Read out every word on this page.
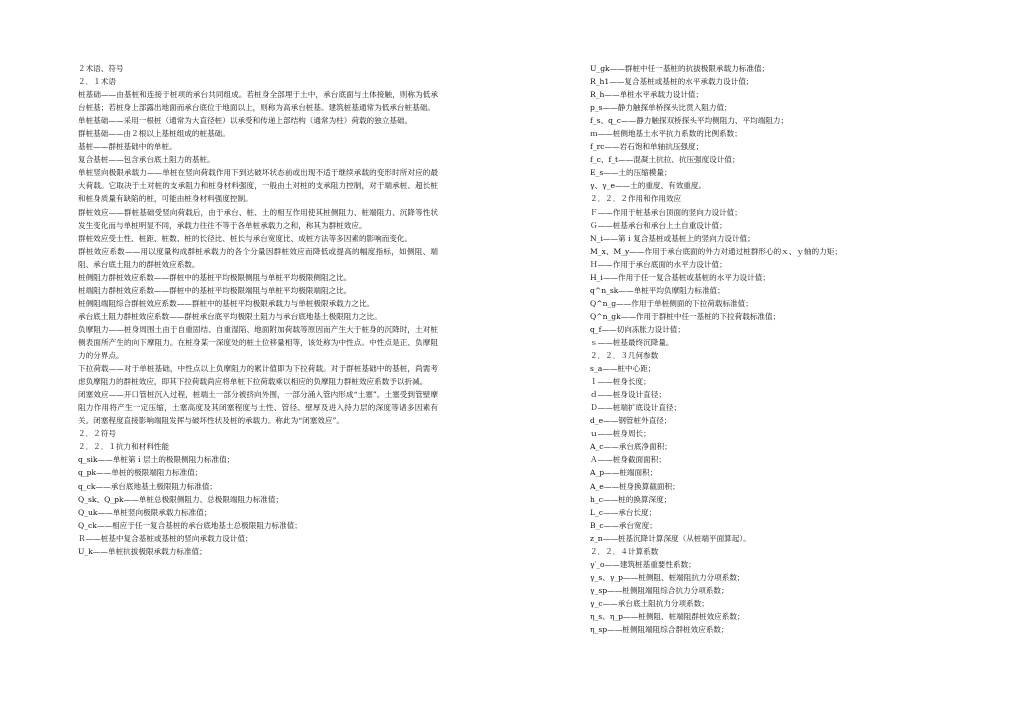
２术语、符号

２．１术语

桩基础——由基桩和连接于桩项的承台共同组成。若桩身全部埋于土中，承台底面与土体接触，则称为低承台桩基；若桩身上部露出地面而承台底位于地面以上，则称为高承台桩基。建筑桩基通常为低承台桩基础。

单桩基础——采用一根桩（通常为大直径桩）以承受和传递上部结构（通常为柱）荷载的独立基础。

群桩基础——由２根以上基桩组成的桩基础。

基桩——群桩基础中的单桩。

复合基桩——包含承台底土阻力的基桩。

单桩竖向极限承载力——单桩在竖向荷载作用下到达破坏状态前或出现不适于继续承载的变形时所对应的最大荷载。它取决于土对桩的支承阻力和桩身材料强度，一般由土对桩的支承阻力控制，对于端承桩、超长桩和桩身质量有缺陷的桩，可能由桩身材料强度控制。

群桩效应——群桩基础受竖向荷载后，由于承台、桩、土的相互作用使其桩侧阻力、桩端阻力、沉降等性状发生变化而与单桩明显不同，承载力往往不等于各单桩承载力之和，称其为群桩效应。

群桩效应受土性、桩距、桩数、桩的长径比、桩长与承台宽度比、成桩方法等多因素的影响而变化。

群桩效应系数——用以度量构成群桩承载力的各个分量因群桩效应而降低或提高的幅度指标，如侧阻、端阻、承台底土阻力的群桩效应系数。

桩侧阻力群桩效应系数——群桩中的基桩平均极限侧阻与单桩平均极限侧阻之比。

桩端阻力群桩效应系数——群桩中的基桩平均极限端阻与单桩平均极限端阻之比。

桩侧阻端阻综合群桩效应系数——群桩中的基桩平均极限承载力与单桩极限承载力之比。

承台底土阻力群桩效应系数——群桩承台底平均极限土阻力与承台底地基土极限阻力之比。

负摩阻力——桩身周围土由于自重固结、自重湿陷、地面附加荷载等原因而产生大于桩身的沉降时，土对桩侧表面所产生的向下摩阻力。在桩身某一深度处的桩土位移量相等，该处称为中性点。中性点是正、负摩阻力的分界点。

下拉荷载——对于单桩基础，中性点以上负摩阻力的累计值即为下拉荷载。对于群桩基础中的基桩，尚需考虑负摩阻力的群桩效应，即其下拉荷载尚应将单桩下拉荷载乘以相应的负摩阻力群桩效应系数予以折减。

闭塞效应——开口管桩沉入过程，桩端土一部分被挤向外围，一部分涌入管内形成“土塞”。土塞受到管壁摩阻力作用将产生一定压缩，土塞高度及其闭塞程度与土性、管径、壁厚及进入持力层的深度等诸多因素有关。闭塞程度直接影响端阻发挥与破坏性状及桩的承载力。称此为“闭塞效应”。

２．２符号

２．２．１抗力和材料性能

q_sik——单桩第ｉ层土的极限侧阻力标准值；

q_pk——单桩的极限端阻力标准值；

q_ck——承台底地基土极限阻力标准值；

Q_sk、Q_pk——单桩总极限侧阻力、总极限端阻力标准值；

Q_uk——单桩竖向极限承载力标准值；

Q_ck——相应于任一复合基桩的承台底地基土总极限阻力标准值；

Ｒ——桩基中复合基桩或基桩的竖向承载力设计值；

U_k——单桩抗拔极限承载力标准值；

U_gk——群桩中任一基桩的抗拔极限承载力标准值；

R_h1——复合基桩或基桩的水平承载力设计值；

R_h——单桩水平承载力设计值；

p_s——静力触探单桥探头比贯入阻力值；

f_s、q_c——静力触探双桥探头平均侧阻力、平均端阻力；

ｍ——桩侧地基土水平抗力系数的比例系数；

f_rc——岩石饱和单轴抗压强度；

f_c、f_t——混凝土抗拉、抗压强度设计值；

E_s——土的压缩模量；

γ、γ_e——土的重度、有效重度。

２．２．２作用和作用效应

Ｆ——作用于桩基承台顶面的竖向力设计值；

Ｇ——桩基承台和承台上土自重设计值；

N_i——第ｉ复合基桩或基桩上的竖向力设计值；

M_x、M_y——作用于承台底面的外力对通过桩群形心的ｘ、ｙ轴的力矩；

Ｈ——作用于承台底面的水平力设计值；

H_i——作用于任一复合基桩或基桩的水平力设计值；

q^n_sk——单桩平均负摩阻力标准值；

Q^n_g——作用于单桩侧面的下拉荷载标准值；

Q^n_gk——作用于群桩中任一基桩的下拉荷载标准值；

q_f——切向冻胀力设计值；

ｓ——桩基最终沉降量。

２．２．３几何参数

s_a——桩中心距；

ｌ——桩身长度；

ｄ——桩身设计直径；

Ｄ——桩端扩底设计直径；

d_e——钢管桩外直径；

ｕ——桩身周长；

A_c——承台底净面积；

Ａ——桩身截面面积；

A_p——桩端面积；

A_e——桩身换算截面积；

h_c——桩的换算深度；

L_c——承台长度；

B_c——承台宽度；

z_n——桩基沉降计算深度（从桩端平面算起）。

２．２．４计算系数

γ′_o——建筑桩基重要性系数；

γ_s、γ_p——桩侧阻、桩端阻抗力分项系数；

γ_sp——桩侧阻端阻综合抗力分项系数；

γ_c——承台底土阻抗力分项系数；

η_s、η_p——桩侧阻、桩端阻群桩效应系数；

η_sp——桩侧阻端阻综合群桩效应系数；
